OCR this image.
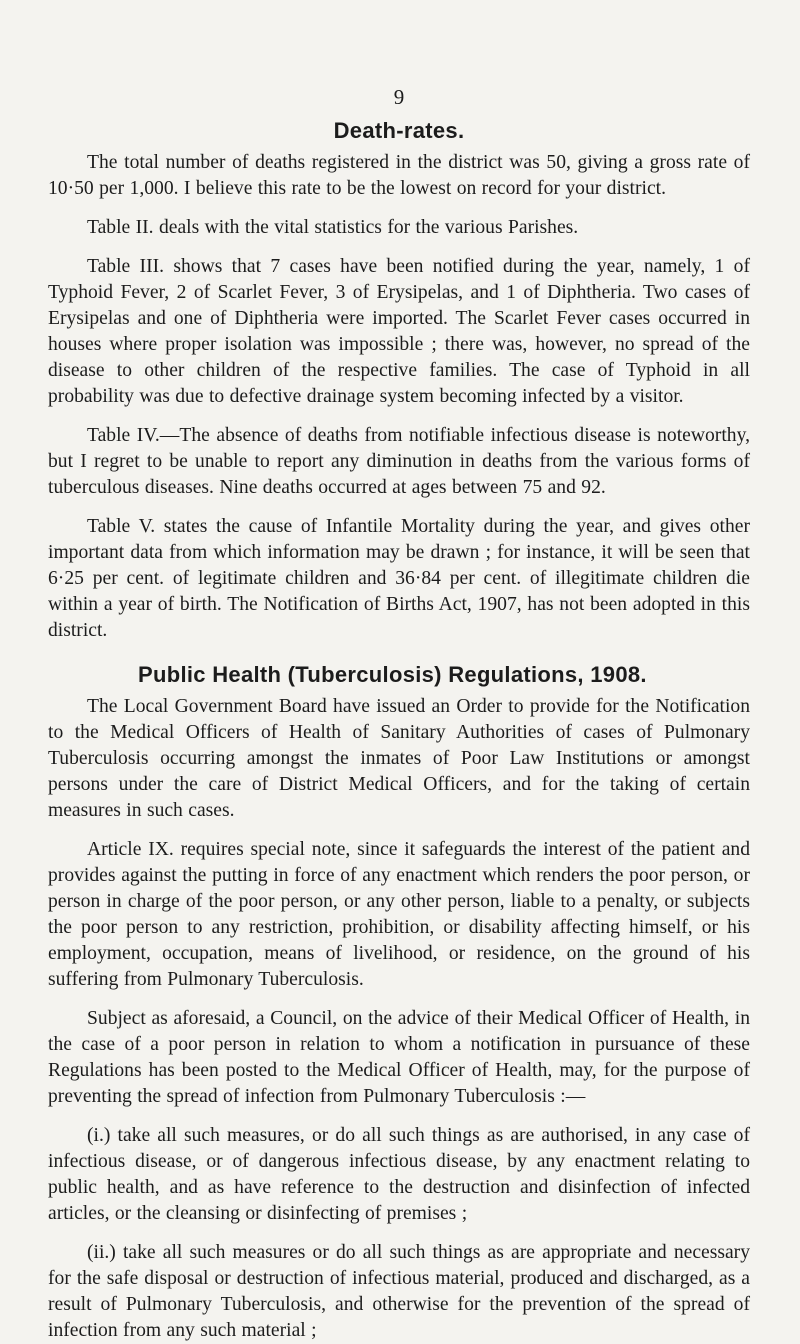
9
Death-rates.

The total number of deaths registered in the district was 50, giving a gross rate of 10·50 per 1,000. I believe this rate to be the lowest on record for your district.

Table II. deals with the vital statistics for the various Parishes.

Table III. shows that 7 cases have been notified during the year, namely, 1 of Typhoid Fever, 2 of Scarlet Fever, 3 of Erysipelas, and 1 of Diphtheria. Two cases of Erysipelas and one of Diphtheria were imported. The Scarlet Fever cases occurred in houses where proper isolation was impossible ; there was, however, no spread of the disease to other children of the respective families. The case of Typhoid in all probability was due to defective drainage system becoming infected by a visitor.

Table IV.—The absence of deaths from notifiable infectious disease is noteworthy, but I regret to be unable to report any diminution in deaths from the various forms of tuberculous diseases. Nine deaths occurred at ages between 75 and 92.

Table V. states the cause of Infantile Mortality during the year, and gives other important data from which information may be drawn ; for instance, it will be seen that 6·25 per cent. of legitimate children and 36·84 per cent. of illegitimate children die within a year of birth. The Notification of Births Act, 1907, has not been adopted in this district.

Public Health (Tuberculosis) Regulations, 1908.

The Local Government Board have issued an Order to provide for the Notification to the Medical Officers of Health of Sanitary Authorities of cases of Pulmonary Tuberculosis occurring amongst the inmates of Poor Law Institutions or amongst persons under the care of District Medical Officers, and for the taking of certain measures in such cases.

Article IX. requires special note, since it safeguards the interest of the patient and provides against the putting in force of any enactment which renders the poor person, or person in charge of the poor person, or any other person, liable to a penalty, or subjects the poor person to any restriction, prohibition, or disability affecting himself, or his employment, occupation, means of livelihood, or residence, on the ground of his suffering from Pulmonary Tuberculosis.

Subject as aforesaid, a Council, on the advice of their Medical Officer of Health, in the case of a poor person in relation to whom a notification in pursuance of these Regulations has been posted to the Medical Officer of Health, may, for the purpose of preventing the spread of infection from Pulmonary Tuberculosis :—

(i.) take all such measures, or do all such things as are authorised, in any case of infectious disease, or of dangerous infectious disease, by any enactment relating to public health, and as have reference to the destruction and disinfection of infected articles, or the cleansing or disinfecting of premises ;

(ii.) take all such measures or do all such things as are appropriate and necessary for the safe disposal or destruction of infectious material, produced and discharged, as a result of Pulmonary Tuberculosis, and otherwise for the prevention of the spread of infection from any such material ;
